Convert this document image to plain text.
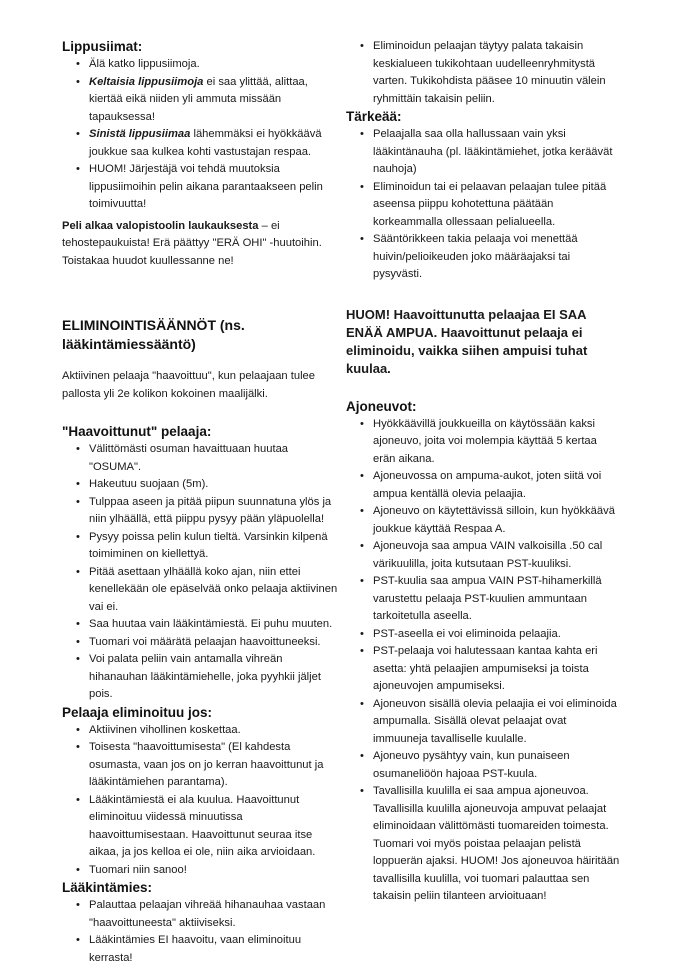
Lippusiimat:
• Älä katko lippusiimoja.
• Keltaisia lippusiimoja ei saa ylittää, alittaa, kiertää eikä niiden yli ammuta missään tapauksessa!
• Sinistä lippusiimaa lähemmäksi ei hyökkäävä joukkue saa kulkea kohti vastustajan respaa.
• HUOM! Järjestäjä voi tehdä muutoksia lippusiimoihin pelin aikana parantaakseen pelin toimivuutta!

Peli alkaa valopistoolin laukauksesta – ei tehostepaukuista! Erä päättyy "ERÄ OHI" -huutoihin. Toistakaa huudot kuullessanne ne!

ELIMINOINTISÄÄNNÖT (ns. lääkintämiessääntö)

Aktiivinen pelaaja "haavoittuu", kun pelaajaan tulee pallosta yli 2e kolikon kokoinen maalijälki.

"Haavoittunut" pelaaja:
• Välittömästi osuman havaittuaan huutaa "OSUMA".
• Hakeutuu suojaan (5m).
• Tulppaa aseen ja pitää piipun suunnatuna ylös ja niin ylhäällä, että piippu pysyy pään yläpuolella!
• Pysyy poissa pelin kulun tieltä. Varsinkin kilpenä toimiminen on kiellettyä.
• Pitää asettaan ylhäällä koko ajan, niin ettei kenellekään ole epäselvää onko pelaaja aktiivinen vai ei.
• Saa huutaa vain lääkintämiestä. Ei puhu muuten.
• Tuomari voi määrätä pelaajan haavoittuneeksi.
• Voi palata peliin vain antamalla vihreän hihanauhan lääkintämiehelle, joka pyyhkii jäljet pois.
Pelaaja eliminoituu jos:
• Aktiivinen vihollinen koskettaa.
• Toisesta "haavoittumisesta" (El kahdesta osumasta, vaan jos on jo kerran haavoittunut ja lääkintämiehen parantama).
• Lääkintämiestä ei ala kuulua. Haavoittunut eliminoituu viidessä minuutissa haavoittumisestaan. Haavoittunut seuraa itse aikaa, ja jos kelloa ei ole, niin aika arvioidaan.
• Tuomari niin sanoo!
Lääkintämies:
• Palauttaa pelaajan vihreää hihanauhaa vastaan "haavoittuneesta" aktiiviseksi.
• Lääkintämies EI haavoitu, vaan eliminoituu kerrasta!
• Eliminoidun pelaajan täytyy palata takaisin keskialueen tukikohtaan uudelleenryhmitystä varten. Tukikohdista pääsee 10 minuutin välein ryhmittäin takaisin peliin.
Tärkeää:
• Pelaajalla saa olla hallussaan vain yksi lääkintänauha (pl. lääkintämiehet, jotka keräävät nauhoja)
• Eliminoidun tai ei pelaavan pelaajan tulee pitää aseensa piippu kohotettuna päätään korkeammalla ollessaan pelialueella.
• Sääntörikkeen takia pelaaja voi menettää huivin/pelioikeuden joko määräajaksi tai pysyvästi.

HUOM! Haavoittunutta pelaajaa EI SAA ENÄÄ AMPUA. Haavoittunut pelaaja ei eliminoidu, vaikka siihen ampuisi tuhat kuulaa.

Ajoneuvot:
• Hyökkäävillä joukkueilla on käytössään kaksi ajoneuvo, joita voi molempia käyttää 5 kertaa erän aikana.
• Ajoneuvossa on ampuma-aukot, joten siitä voi ampua kentällä olevia pelaajia.
• Ajoneuvo on käytettävissä silloin, kun hyökkäävä joukkue käyttää Respaa A.
• Ajoneuvoja saa ampua VAIN valkoisilla .50 cal värikuulilla, joita kutsutaan PST-kuuliksi.
• PST-kuulia saa ampua VAIN PST-hihamerkillä varustettu pelaaja PST-kuulien ammuntaan tarkoitetulla aseella.
• PST-aseella ei voi eliminoida pelaajia.
• PST-pelaaja voi halutessaan kantaa kahta eri asetta: yhtä pelaajien ampumiseksi ja toista ajoneuvojen ampumiseksi.
• Ajoneuvon sisällä olevia pelaajia ei voi eliminoida ampumalla. Sisällä olevat pelaajat ovat immuuneja tavalliselle kuulalle.
• Ajoneuvo pysähtyy vain, kun punaiseen osumaneliöön hajoaa PST-kuula.
• Tavallisilla kuulilla ei saa ampua ajoneuvoa. Tavallisilla kuulilla ajoneuvoja ampuvat pelaajat eliminoidaan välittömästi tuomareiden toimesta. Tuomari voi myös poistaa pelaajan pelistä loppuerän ajaksi. HUOM! Jos ajoneuvoa häiritään tavallisilla kuulilla, voi tuomari palauttaa sen takaisin peliin tilanteen arvioituaan!
